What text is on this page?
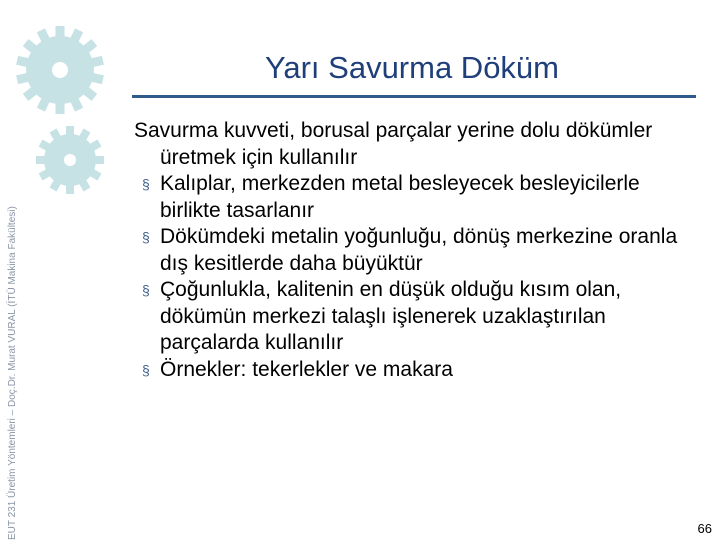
EUT 231 Üretim Yöntemleri – Doç.Dr. Murat VURAL (İTÜ Makina Fakültesi)
Yarı Savurma Döküm

Savurma kuvveti, borusal parçalar yerine dolu dökümler üretmek için kullanılır

§ Kalıplar, merkezden metal besleyecek besleyicilerle birlikte tasarlanır

§ Dökümdeki metalin yoğunluğu, dönüş merkezine oranla dış kesitlerde daha büyüktür

§ Çoğunlukla, kalitenin en düşük olduğu kısım olan, dökümün merkezi talaşlı işlenerek uzaklaştırılan parçalarda kullanılır

§ Örnekler: tekerlekler ve makara

66
